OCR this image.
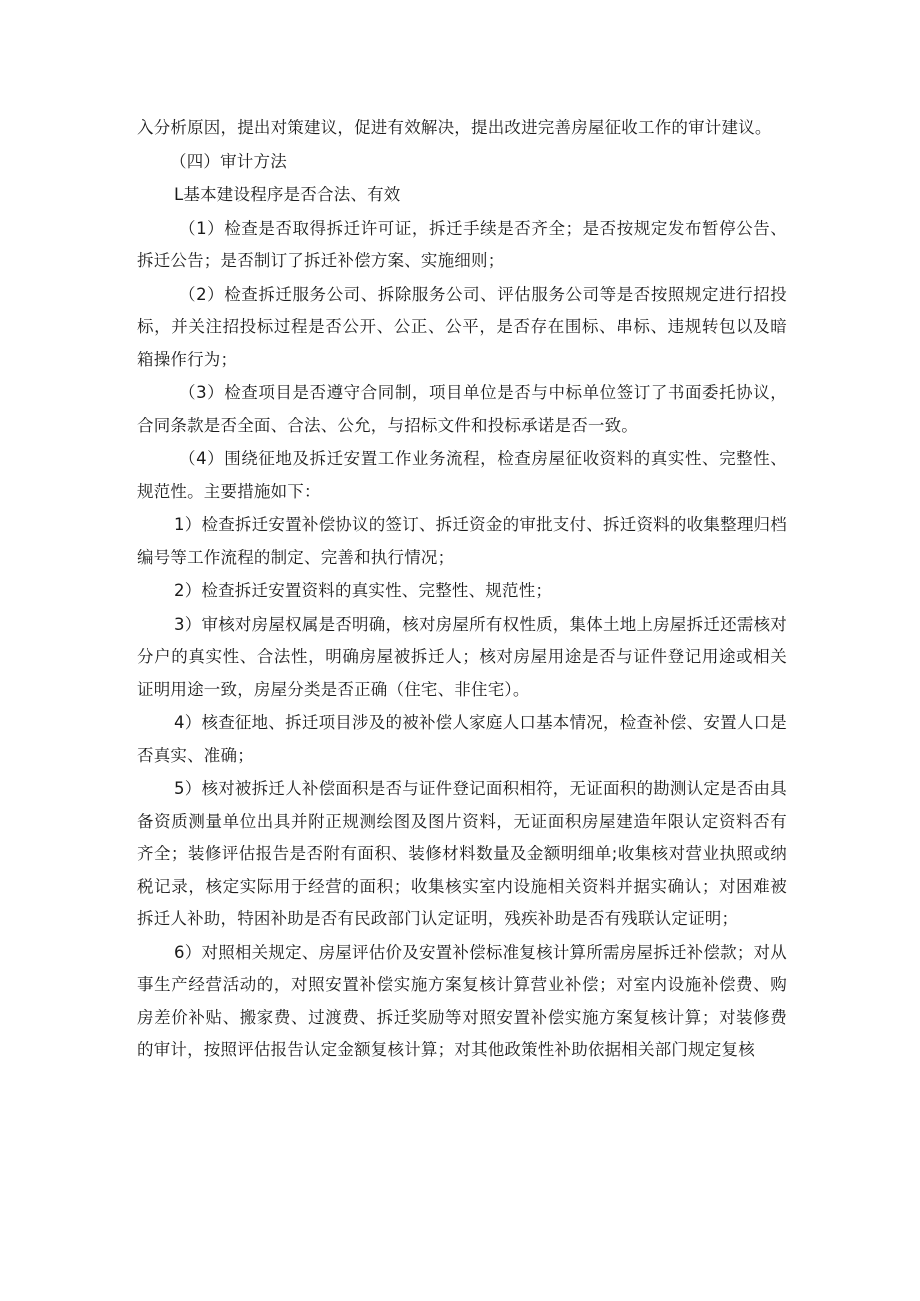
入分析原因，提出对策建议，促进有效解决，提出改进完善房屋征收工作的审计建议。

（四）审计方法

L基本建设程序是否合法、有效

（1）检查是否取得拆迁许可证，拆迁手续是否齐全；是否按规定发布暂停公告、拆迁公告；是否制订了拆迁补偿方案、实施细则；

（2）检查拆迁服务公司、拆除服务公司、评估服务公司等是否按照规定进行招投标，并关注招投标过程是否公开、公正、公平，是否存在围标、串标、违规转包以及暗箱操作行为；

（3）检查项目是否遵守合同制，项目单位是否与中标单位签订了书面委托协议，合同条款是否全面、合法、公允，与招标文件和投标承诺是否一致。

（4）围绕征地及拆迁安置工作业务流程，检查房屋征收资料的真实性、完整性、规范性。主要措施如下：

1）检查拆迁安置补偿协议的签订、拆迁资金的审批支付、拆迁资料的收集整理归档编号等工作流程的制定、完善和执行情况；

2）检查拆迁安置资料的真实性、完整性、规范性；

3）审核对房屋权属是否明确，核对房屋所有权性质，集体土地上房屋拆迁还需核对分户的真实性、合法性，明确房屋被拆迁人；核对房屋用途是否与证件登记用途或相关证明用途一致，房屋分类是否正确（住宅、非住宅）。

4）核查征地、拆迁项目涉及的被补偿人家庭人口基本情况，检查补偿、安置人口是否真实、准确；

5）核对被拆迁人补偿面积是否与证件登记面积相符，无证面积的勘测认定是否由具备资质测量单位出具并附正规测绘图及图片资料，无证面积房屋建造年限认定资料否有齐全；装修评估报告是否附有面积、装修材料数量及金额明细单;收集核对营业执照或纳税记录，核定实际用于经营的面积；收集核实室内设施相关资料并据实确认；对困难被拆迁人补助，特困补助是否有民政部门认定证明，残疾补助是否有残联认定证明；

6）对照相关规定、房屋评估价及安置补偿标准复核计算所需房屋拆迁补偿款；对从事生产经营活动的，对照安置补偿实施方案复核计算营业补偿；对室内设施补偿费、购房差价补贴、搬家费、过渡费、拆迁奖励等对照安置补偿实施方案复核计算；对装修费的审计，按照评估报告认定金额复核计算；对其他政策性补助依据相关部门规定复核
